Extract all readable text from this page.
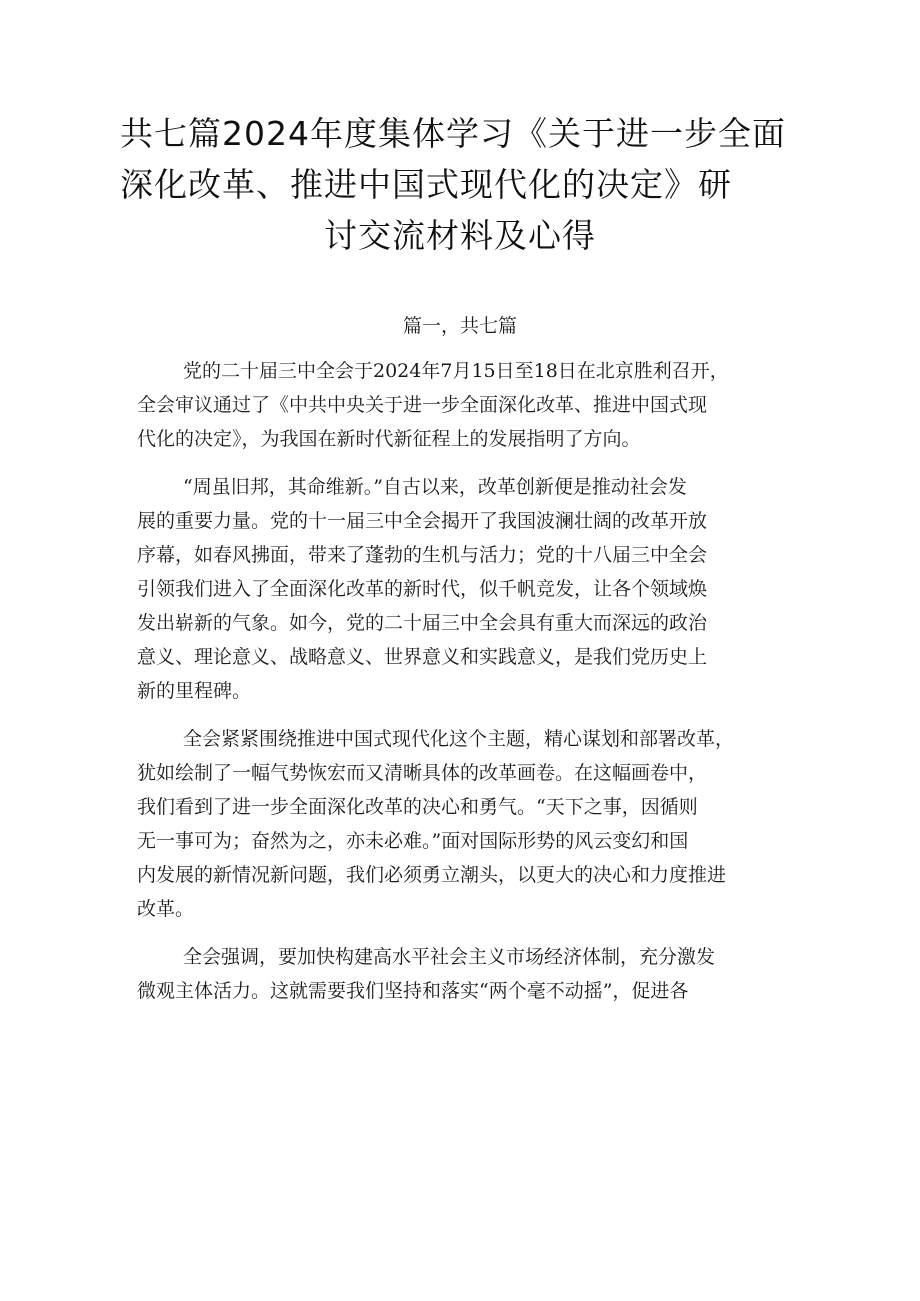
共七篇2024年度集体学习《关于进一步全面
深化改革、推进中国式现代化的决定》研
讨交流材料及心得
篇一，共七篇
党的二十届三中全会于2024年7月15日至18日在北京胜利召开，
全会审议通过了《中共中央关于进一步全面深化改革、推进中国式现
代化的决定》，为我国在新时代新征程上的发展指明了方向。
“周虽旧邦，其命维新。”自古以来，改革创新便是推动社会发
展的重要力量。党的十一届三中全会揭开了我国波澜壮阔的改革开放
序幕，如春风拂面，带来了蓬勃的生机与活力；党的十八届三中全会
引领我们进入了全面深化改革的新时代，似千帆竞发，让各个领域焕
发出崭新的气象。如今，党的二十届三中全会具有重大而深远的政治
意义、理论意义、战略意义、世界意义和实践意义，是我们党历史上
新的里程碑。
全会紧紧围绕推进中国式现代化这个主题，精心谋划和部署改革，
犹如绘制了一幅气势恢宏而又清晰具体的改革画卷。在这幅画卷中，
我们看到了进一步全面深化改革的决心和勇气。“天下之事，因循则
无一事可为；奋然为之，亦未必难。”面对国际形势的风云变幻和国
内发展的新情况新问题，我们必须勇立潮头，以更大的决心和力度推进
改革。
全会强调，要加快构建高水平社会主义市场经济体制，充分激发
微观主体活力。这就需要我们坚持和落实“两个毫不动摇”，促进各
